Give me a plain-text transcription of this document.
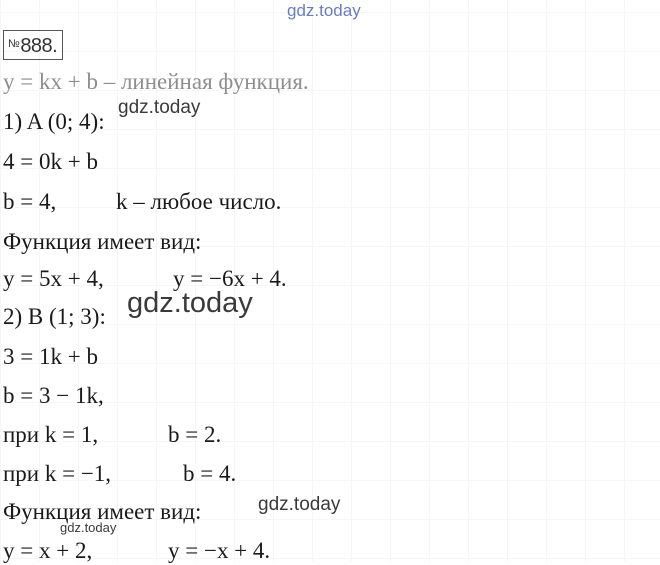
gdz.today
№888.
y = kx + b – линейная функция.
1) A (0; 4):
gdz.today
4 = 0k + b
b = 4,	k – любое число.
Функция имеет вид:
y = 5x + 4,	y = −6x + 4.
2) B (1; 3): gdz.today
3 = 1k + b
b = 3 − 1k,
при k = 1,	b = 2.
при k = −1,	b = 4.
Функция имеет вид:	gdz.today
gdz.today
y = x + 2,	y = −x + 4.
